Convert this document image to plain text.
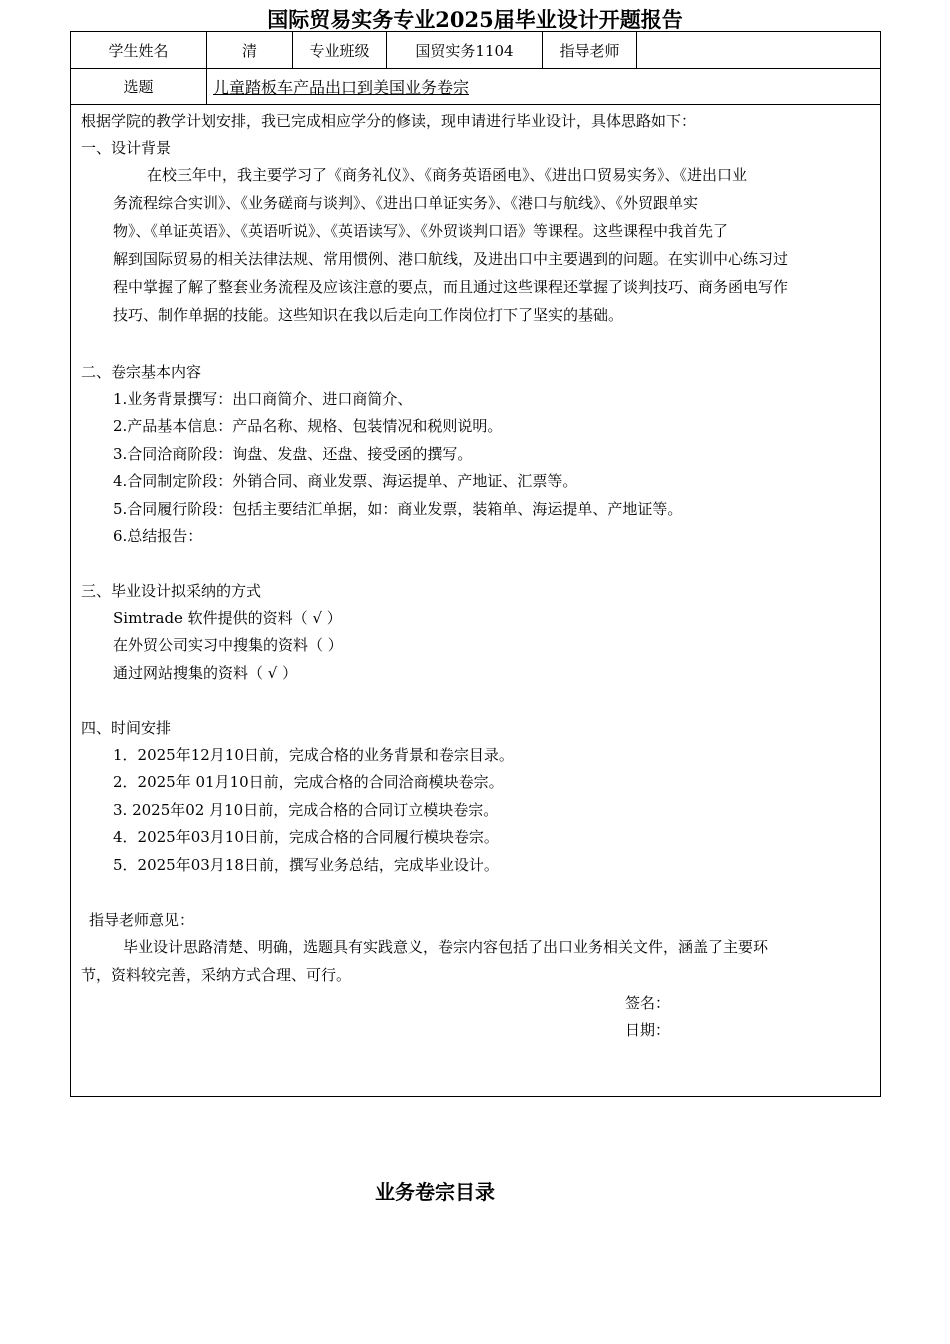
国际贸易实务专业2025届毕业设计开题报告
学生姓名	清	专业班级	国贸实务1104	指导老师
选题	儿童踏板车产品出口到美国业务卷宗
根据学院的教学计划安排，我已完成相应学分的修读，现申请进行毕业设计，具体思路如下：
一、设计背景
在校三年中，我主要学习了《商务礼仪》、《商务英语函电》、《进出口贸易实务》、《进出口业
务流程综合实训》、《业务磋商与谈判》、《进出口单证实务》、《港口与航线》、《外贸跟单实
物》、《单证英语》、《英语听说》、《英语读写》、《外贸谈判口语》等课程。这些课程中我首先了
解到国际贸易的相关法律法规、常用惯例、港口航线，及进出口中主要遇到的问题。在实训中心练习过
程中掌握了解了整套业务流程及应该注意的要点，而且通过这些课程还掌握了谈判技巧、商务函电写作
技巧、制作单据的技能。这些知识在我以后走向工作岗位打下了坚实的基础。
二、卷宗基本内容
1.业务背景撰写：出口商简介、进口商简介、
2.产品基本信息：产品名称、规格、包装情况和税则说明。
3.合同洽商阶段：询盘、发盘、还盘、接受函的撰写。
4.合同制定阶段：外销合同、商业发票、海运提单、产地证、汇票等。
5.合同履行阶段：包括主要结汇单据，如：商业发票，装箱单、海运提单、产地证等。
6.总结报告：
三、毕业设计拟采纳的方式
Simtrade 软件提供的资料（ √ ）
在外贸公司实习中搜集的资料（ ）
通过网站搜集的资料（ √ ）
四、时间安排
1．2025年12月10日前，完成合格的业务背景和卷宗目录。
2．2025年 01月10日前，完成合格的合同洽商模块卷宗。
3. 2025年02 月10日前，完成合格的合同订立模块卷宗。
4．2025年03月10日前，完成合格的合同履行模块卷宗。
5．2025年03月18日前，撰写业务总结，完成毕业设计。
指导老师意见：
毕业设计思路清楚、明确，选题具有实践意义，卷宗内容包括了出口业务相关文件，涵盖了主要环
节，资料较完善，采纳方式合理、可行。
签名：
日期：
业务卷宗目录
